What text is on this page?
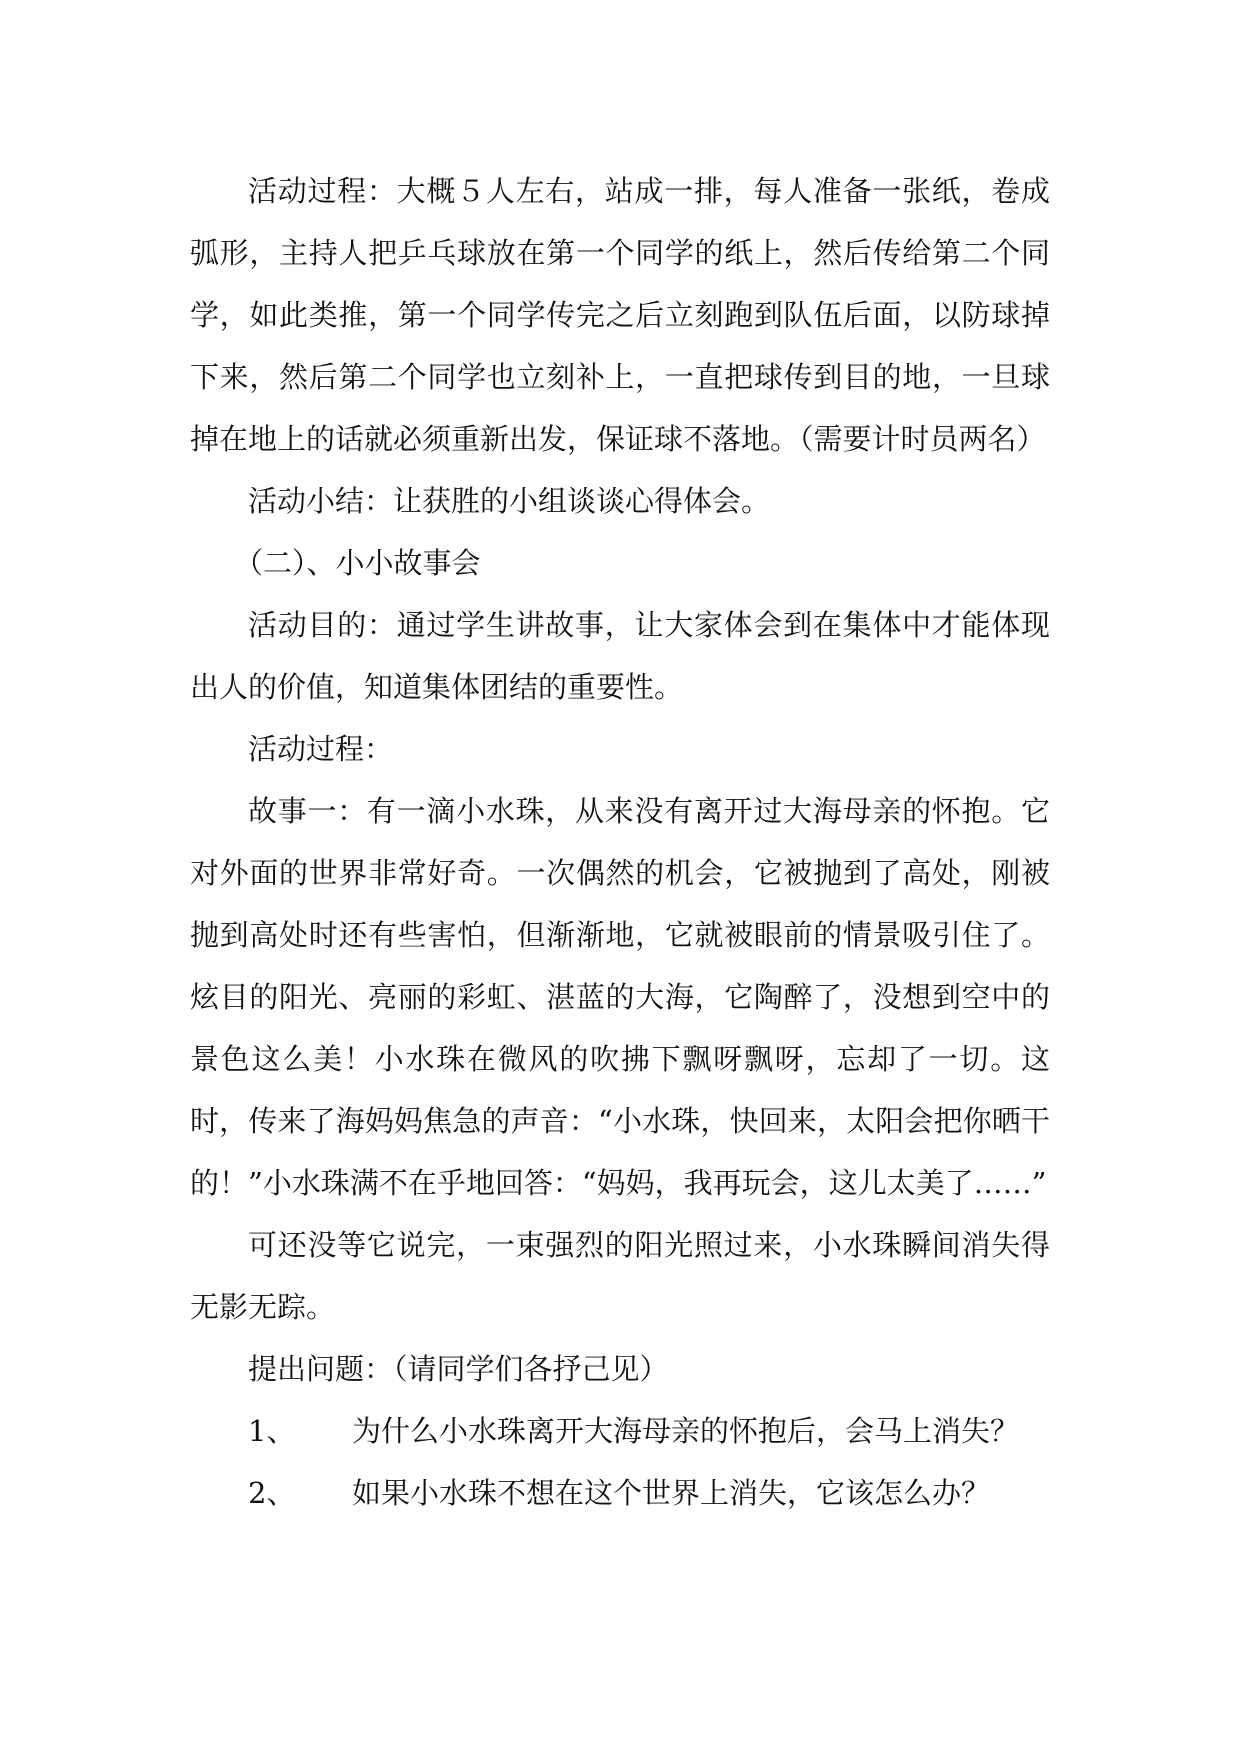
活动过程：大概５人左右，站成一排，每人准备一张纸，卷成弧形，主持人把乒乓球放在第一个同学的纸上，然后传给第二个同学，如此类推，第一个同学传完之后立刻跑到队伍后面，以防球掉下来，然后第二个同学也立刻补上，一直把球传到目的地，一旦球掉在地上的话就必须重新出发，保证球不落地。（需要计时员两名）

活动小结：让获胜的小组谈谈心得体会。

（二）、小小故事会

活动目的：通过学生讲故事，让大家体会到在集体中才能体现出人的价值，知道集体团结的重要性。

活动过程：

故事一：有一滴小水珠，从来没有离开过大海母亲的怀抱。它对外面的世界非常好奇。一次偶然的机会，它被抛到了高处，刚被抛到高处时还有些害怕，但渐渐地，它就被眼前的情景吸引住了。炫目的阳光、亮丽的彩虹、湛蓝的大海，它陶醉了，没想到空中的景色这么美！小水珠在微风的吹拂下飘呀飘呀，忘却了一切。这时，传来了海妈妈焦急的声音：“小水珠，快回来，太阳会把你晒干的！”小水珠满不在乎地回答：“妈妈，我再玩会，这儿太美了……”

可还没等它说完，一束强烈的阳光照过来，小水珠瞬间消失得无影无踪。

提出问题：（请同学们各抒己见）

1、	为什么小水珠离开大海母亲的怀抱后，会马上消失？
2、	如果小水珠不想在这个世界上消失，它该怎么办？
